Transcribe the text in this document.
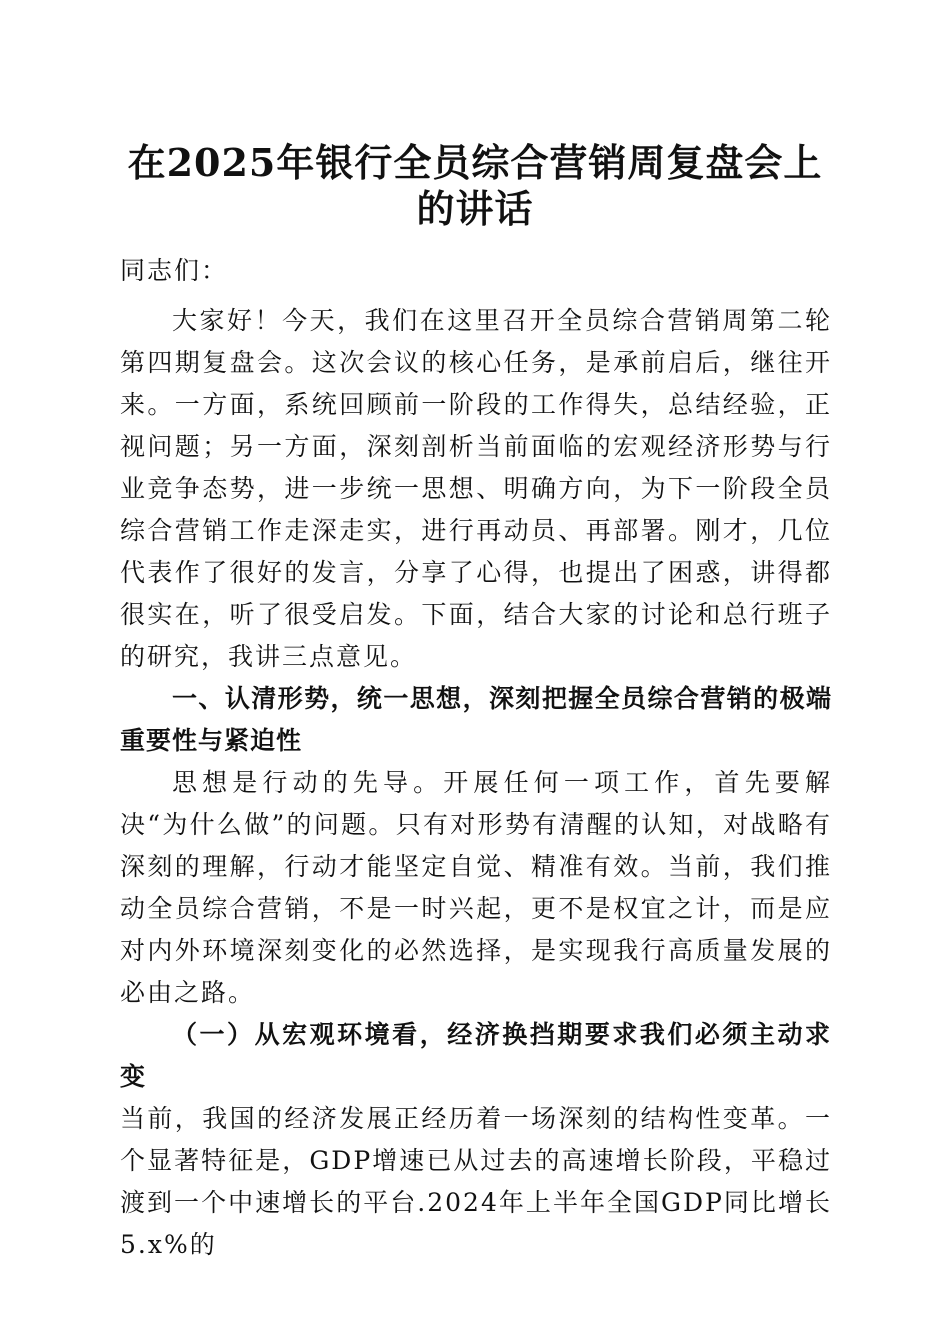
在2025年银行全员综合营销周复盘会上的讲话

同志们：

大家好！今天，我们在这里召开全员综合营销周第二轮第四期复盘会。这次会议的核心任务，是承前启后，继往开来。一方面，系统回顾前一阶段的工作得失，总结经验，正视问题；另一方面，深刻剖析当前面临的宏观经济形势与行业竞争态势，进一步统一思想、明确方向，为下一阶段全员综合营销工作走深走实，进行再动员、再部署。刚才，几位代表作了很好的发言，分享了心得，也提出了困惑，讲得都很实在，听了很受启发。下面，结合大家的讨论和总行班子的研究，我讲三点意见。

一、认清形势，统一思想，深刻把握全员综合营销的极端重要性与紧迫性

思想是行动的先导。开展任何一项工作，首先要解决“为什么做”的问题。只有对形势有清醒的认知，对战略有深刻的理解，行动才能坚定自觉、精准有效。当前，我们推动全员综合营销，不是一时兴起，更不是权宜之计，而是应对内外环境深刻变化的必然选择，是实现我行高质量发展的必由之路。

（一）从宏观环境看，经济换挡期要求我们必须主动求变

当前，我国的经济发展正经历着一场深刻的结构性变革。一个显著特征是，GDP增速已从过去的高速增长阶段，平稳过渡到一个中速增长的平台.2024年上半年全国GDP同比增长5.x%的
